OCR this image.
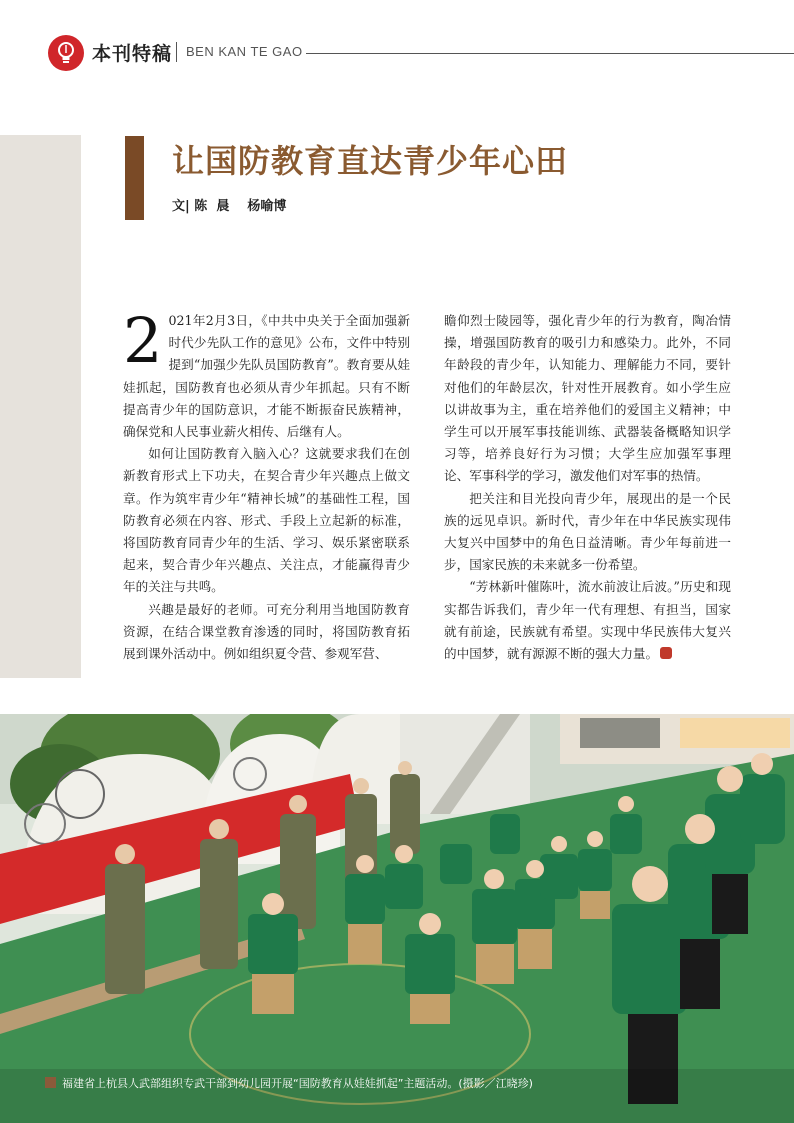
本刊特稿 BEN KAN TE GAO
让国防教育直达青少年心田
文| 陈  晨    杨喻博

2 021年2月3日，《中共中央关于全面加强新时代少先队工作的意见》公布，文件中特别提到“加强少先队员国防教育”。教育要从娃娃抓起，国防教育也必须从青少年抓起。只有不断提高青少年的国防意识，才能不断振奋民族精神，确保党和人民事业薪火相传、后继有人。

如何让国防教育入脑入心？这就要求我们在创新教育形式上下功夫，在契合青少年兴趣点上做文章。作为筑牢青少年“精神长城”的基础性工程，国防教育必须在内容、形式、手段上立起新的标准，将国防教育同青少年的生活、学习、娱乐紧密联系起来，契合青少年兴趣点、关注点，才能赢得青少年的关注与共鸣。

兴趣是最好的老师。可充分利用当地国防教育资源，在结合课堂教育渗透的同时，将国防教育拓展到课外活动中。例如组织夏令营、参观军营、

瞻仰烈士陵园等，强化青少年的行为教育，陶冶情操，增强国防教育的吸引力和感染力。此外，不同年龄段的青少年，认知能力、理解能力不同，要针对他们的年龄层次，针对性开展教育。如小学生应以讲故事为主，重在培养他们的爱国主义精神；中学生可以开展军事技能训练、武器装备概略知识学习等，培养良好行为习惯；大学生应加强军事理论、军事科学的学习，激发他们对军事的热情。

把关注和目光投向青少年，展现出的是一个民族的远见卓识。新时代，青少年在中华民族实现伟大复兴中国梦中的角色日益清晰。青少年每前进一步，国家民族的未来就多一份希望。

“芳林新叶催陈叶，流水前波让后波。”历史和现实都告诉我们，青少年一代有理想、有担当，国家就有前途，民族就有希望。实现中华民族伟大复兴的中国梦，就有源源不断的强大力量。

福建省上杭县人武部组织专武干部到幼儿园开展“国防教育从娃娃抓起”主题活动。(摄影／江晓珍)
